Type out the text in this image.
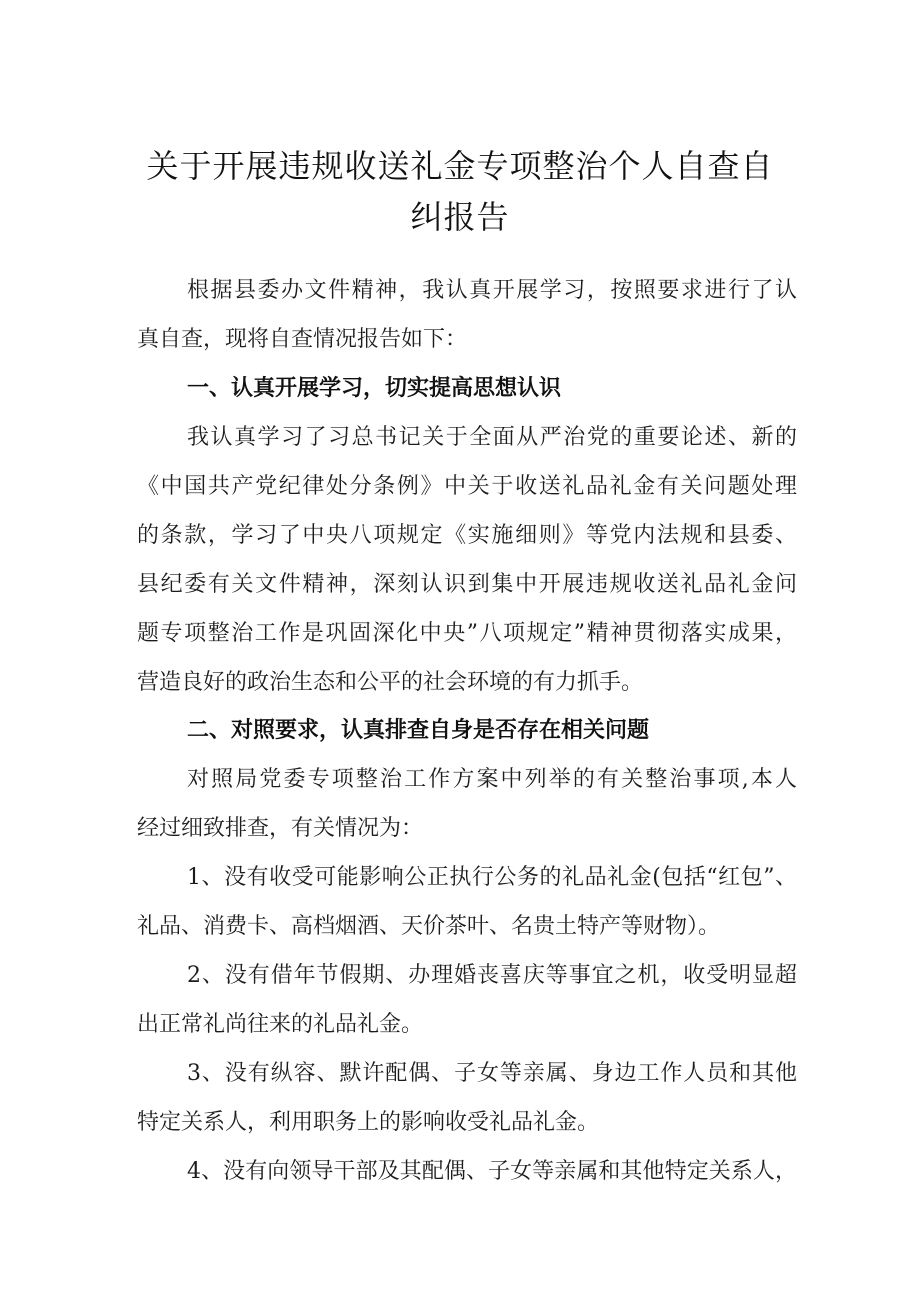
关于开展违规收送礼金专项整治个人自查自
纠报告
根据县委办文件精神，我认真开展学习，按照要求进行了认
真自查，现将自查情况报告如下：
一、认真开展学习，切实提高思想认识
我认真学习了习总书记关于全面从严治党的重要论述、新的
《中国共产党纪律处分条例》中关于收送礼品礼金有关问题处理
的条款，学习了中央八项规定《实施细则》等党内法规和县委、
县纪委有关文件精神，深刻认识到集中开展违规收送礼品礼金问
题专项整治工作是巩固深化中央”八项规定”精神贯彻落实成果，
营造良好的政治生态和公平的社会环境的有力抓手。
二、对照要求，认真排查自身是否存在相关问题
对照局党委专项整治工作方案中列举的有关整治事项,本人
经过细致排查，有关情况为：
1、没有收受可能影响公正执行公务的礼品礼金(包括“红包”、
礼品、消费卡、高档烟酒、天价茶叶、名贵土特产等财物）。
2、没有借年节假期、办理婚丧喜庆等事宜之机，收受明显超
出正常礼尚往来的礼品礼金。
3、没有纵容、默许配偶、子女等亲属、身边工作人员和其他
特定关系人，利用职务上的影响收受礼品礼金。
4、没有向领导干部及其配偶、子女等亲属和其他特定关系人，
